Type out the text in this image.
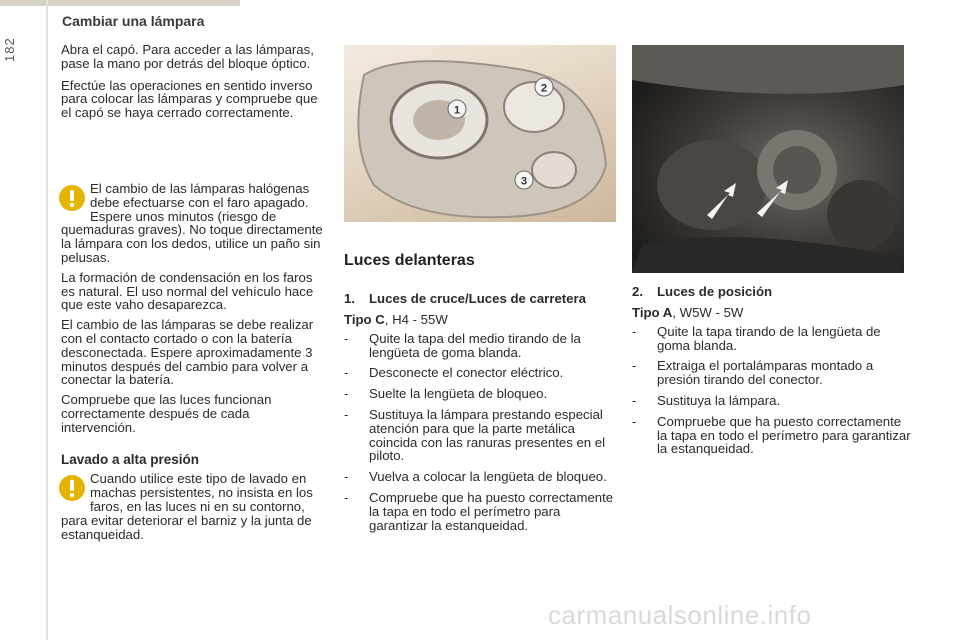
182
Cambiar una lámpara

Abra el capó. Para acceder a las lámparas, pase la mano por detrás del bloque óptico.

Efectúe las operaciones en sentido inverso para colocar las lámparas y compruebe que el capó se haya cerrado correctamente.

El cambio de las lámparas halógenas debe efectuarse con el faro apagado. Espere unos minutos (riesgo de quemaduras graves). No toque directamente la lámpara con los dedos, utilice un paño sin pelusas.

La formación de condensación en los faros es natural. El uso normal del vehículo hace que este vaho desaparezca.

El cambio de las lámparas se debe realizar con el contacto cortado o con la batería desconectada. Espere aproximadamente 3 minutos después del cambio para volver a conectar la batería.

Compruebe que las luces funcionan correctamente después de cada intervención.

Lavado a alta presión

Cuando utilice este tipo de lavado en machas persistentes, no insista en los faros, en las luces ni en su contorno, para evitar deteriorar el barniz y la junta de estanqueidad.

1
2
3

Luces delanteras

1.	Luces de cruce/Luces de carretera

Tipo C, H4 - 55W

-	Quite la tapa del medio tirando de la lengüeta de goma blanda.
-	Desconecte el conector eléctrico.
-	Suelte la lengüeta de bloqueo.
-	Sustituya la lámpara prestando especial atención para que la parte metálica coincida con las ranuras presentes en el piloto.
-	Vuelva a colocar la lengüeta de bloqueo.
-	Compruebe que ha puesto correctamente la tapa en todo el perímetro para garantizar la estanqueidad.
2.	Luces de posición

Tipo A, W5W - 5W

-	Quite la tapa tirando de la lengüeta de goma blanda.
-	Extraiga el portalámparas montado a presión tirando del conector.
-	Sustituya la lámpara.
-	Compruebe que ha puesto correctamente la tapa en todo el perímetro para garantizar la estanqueidad.
carmanualsonline.info
